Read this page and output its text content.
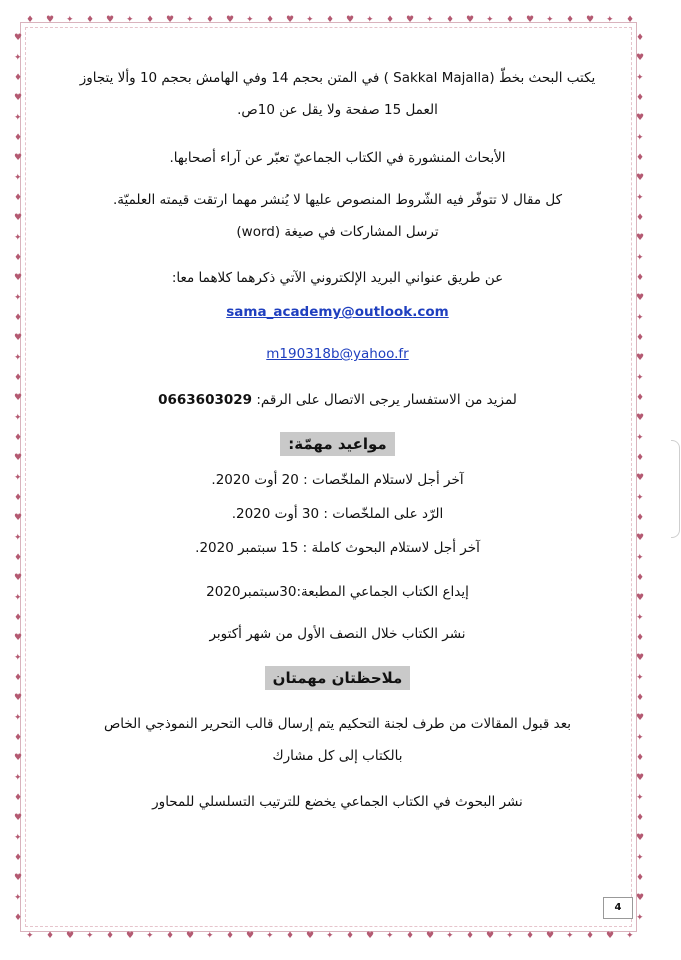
♦
✦
♥
♦
✦
♥
♦
✦
♥
♦
✦
♥
♦
✦
♥
♦
✦
♥
♦
✦
♥
♦
✦
♥
♦
✦
♥
♦
✦
♥
♦
✦
♥
♦
✦
♥
♦
✦
♥
♦
✦
♥
♦
✦
♥
♦
✦
♥
♦
✦
♥
♦
✦
♥
♦
✦
♥
♦
✦
♥
♦
✦
♥	♦
✦	♥
♦	✦
♥	♦
✦	♥
♦	✦
♥	♦
✦	♥
♦	✦
♥	♦
✦	♥
♦	✦
♥	♦
✦	♥
♦	✦
♥	♦
✦	♥
♦	✦
♥	♦
✦	♥
♦	✦
♥	♦
✦	♥
♦	✦
♥	♦
✦	♥
♦	✦
♥	♦
✦	♥
♦	✦
♥	♦
✦	♥
♦	✦
♥	♦
✦	♥
♦	✦
♥	♦
✦	♥
♦	✦
♥	♦
✦	♥
♦	✦
♥	♦
✦	♥
♦	✦
يكتب البحث بخطّ (Sakkal Majalla ) في المتن بحجم 14 وفي الهامش بحجم 10 وألا يتجاوز
العمل 15 صفحة ولا يقل عن 10ص.
الأبحاث المنشورة في الكتاب الجماعيّ تعبّر عن آراء أصحابها.
كل مقال لا تتوفّر فيه الشّروط المنصوص عليها لا يُنشر مهما ارتقت قيمته العلميّة.
ترسل المشاركات في صيغة (word)
عن طريق عنواني البريد الإلكتروني الآتي ذكرهما كلاهما معا:
sama_academy@outlook.com
m190318b@yahoo.fr
لمزيد من الاستفسار يرجى الاتصال على الرقم: 0663603029
مواعيد مهمّة:
آخر أجل لاستلام الملخّصات : 20 أوت 2020.
الرّد على الملخّصات : 30 أوت 2020.
آخر أجل لاستلام البحوث كاملة : 15 سبتمبر 2020.
إيداع الكتاب الجماعي المطبعة:30سبتمبر2020
نشر الكتاب خلال النصف الأول من شهر أكتوبر
ملاحظتان مهمتان
بعد قبول المقالات من طرف لجنة التحكيم يتم إرسال قالب التحرير النموذجي الخاص
بالكتاب إلى كل مشارك
نشر البحوث في الكتاب الجماعي يخضع للترتيب التسلسلي للمحاور
4
